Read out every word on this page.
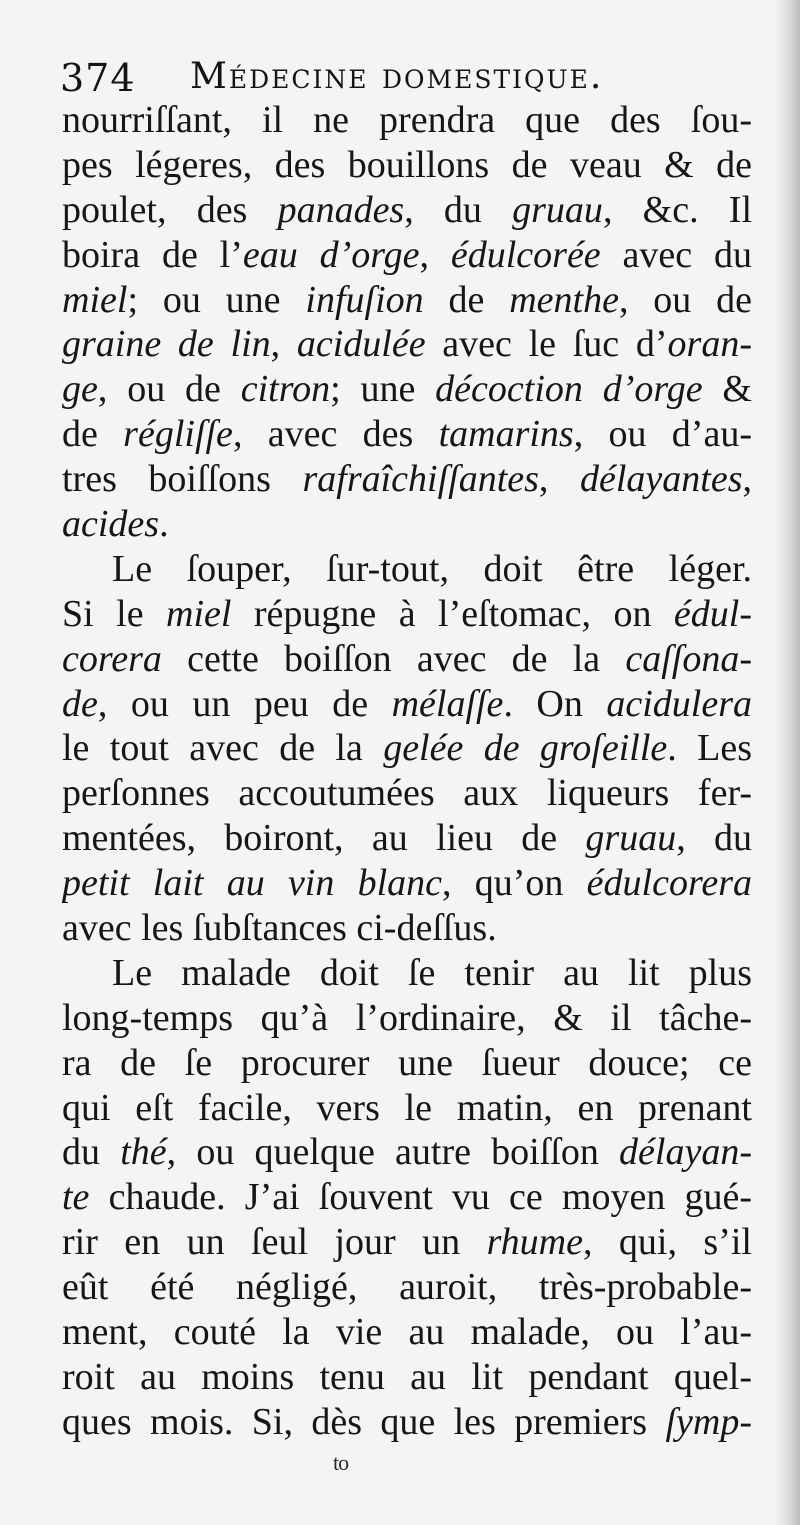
374 Médecine domestique.
nourriſſant, il ne prendra que des ſou-
pes légeres, des bouillons de veau & de
poulet, des panades, du gruau, &c. Il
boira de l’eau d’orge, édulcorée avec du
miel; ou une infuſion de menthe, ou de
graine de lin, acidulée avec le ſuc d’oran-
ge, ou de citron; une décoction d’orge &
de régliſſe, avec des tamarins, ou d’au-
tres boiſſons rafraîchiſſantes, délayantes,
acides.
Le ſouper, ſur-tout, doit être léger.
Si le miel répugne à l’eſtomac, on édul-
corera cette boiſſon avec de la caſſona-
de, ou un peu de mélaſſe. On acidulera
le tout avec de la gelée de groſeille. Les
perſonnes accoutumées aux liqueurs fer-
mentées, boiront, au lieu de gruau, du
petit lait au vin blanc, qu’on édulcorera
avec les ſubſtances ci-deſſus.
Le malade doit ſe tenir au lit plus
long-temps qu’à l’ordinaire, & il tâche-
ra de ſe procurer une ſueur douce; ce
qui eſt facile, vers le matin, en prenant
du thé, ou quelque autre boiſſon délayan-
te chaude. J’ai ſouvent vu ce moyen gué-
rir en un ſeul jour un rhume, qui, s’il
eût été négligé, auroit, très-probable-
ment, couté la vie au malade, ou l’au-
roit au moins tenu au lit pendant quel-
ques mois. Si, dès que les premiers ſymp-
to
